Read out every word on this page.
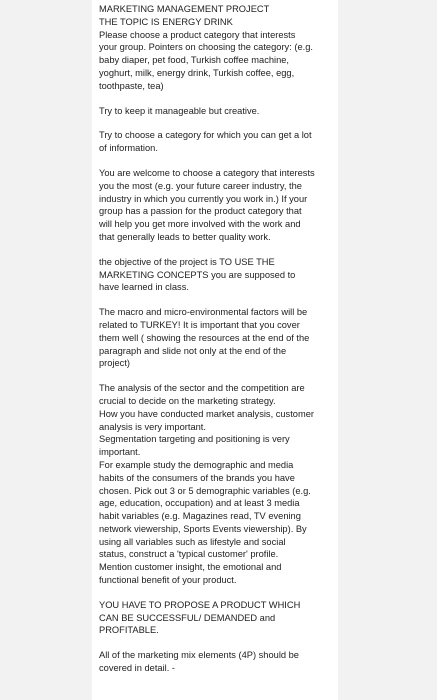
MARKETING MANAGEMENT PROJECT
THE TOPIC IS ENERGY DRINK
Please choose a product category that interests
your group. Pointers on choosing the category: (e.g.
baby diaper, pet food, Turkish coffee machine,
yoghurt, milk, energy drink, Turkish coffee, egg,
toothpaste, tea)

Try to keep it manageable but creative.

Try to choose a category for which you can get a lot
of information.

You are welcome to choose a category that interests
you the most (e.g. your future career industry, the
industry in which you currently you work in.) If your
group has a passion for the product category that
will help you get more involved with the work and
that generally leads to better quality work.

the objective of the project is TO USE THE
MARKETING CONCEPTS you are supposed to
have learned in class.

The macro and micro-environmental factors will be
related to TURKEY! It is important that you cover
them well ( showing the resources at the end of the
paragraph and slide not only at the end of the
project)

The analysis of the sector and the competition are
crucial to decide on the marketing strategy.
How you have conducted market analysis, customer
analysis is very important.
Segmentation targeting and positioning is very
important.
For example study the demographic and media
habits of the consumers of the brands you have
chosen. Pick out 3 or 5 demographic variables (e.g.
age, education, occupation) and at least 3 media
habit variables (e.g. Magazines read, TV evening
network viewership, Sports Events viewership). By
using all variables such as lifestyle and social
status, construct a 'typical customer' profile.
Mention customer insight, the emotional and
functional benefit of your product.

YOU HAVE TO PROPOSE A PRODUCT WHICH
CAN BE SUCCESSFUL/ DEMANDED and
PROFITABLE.

All of the marketing mix elements (4P) should be
covered in detail. -
